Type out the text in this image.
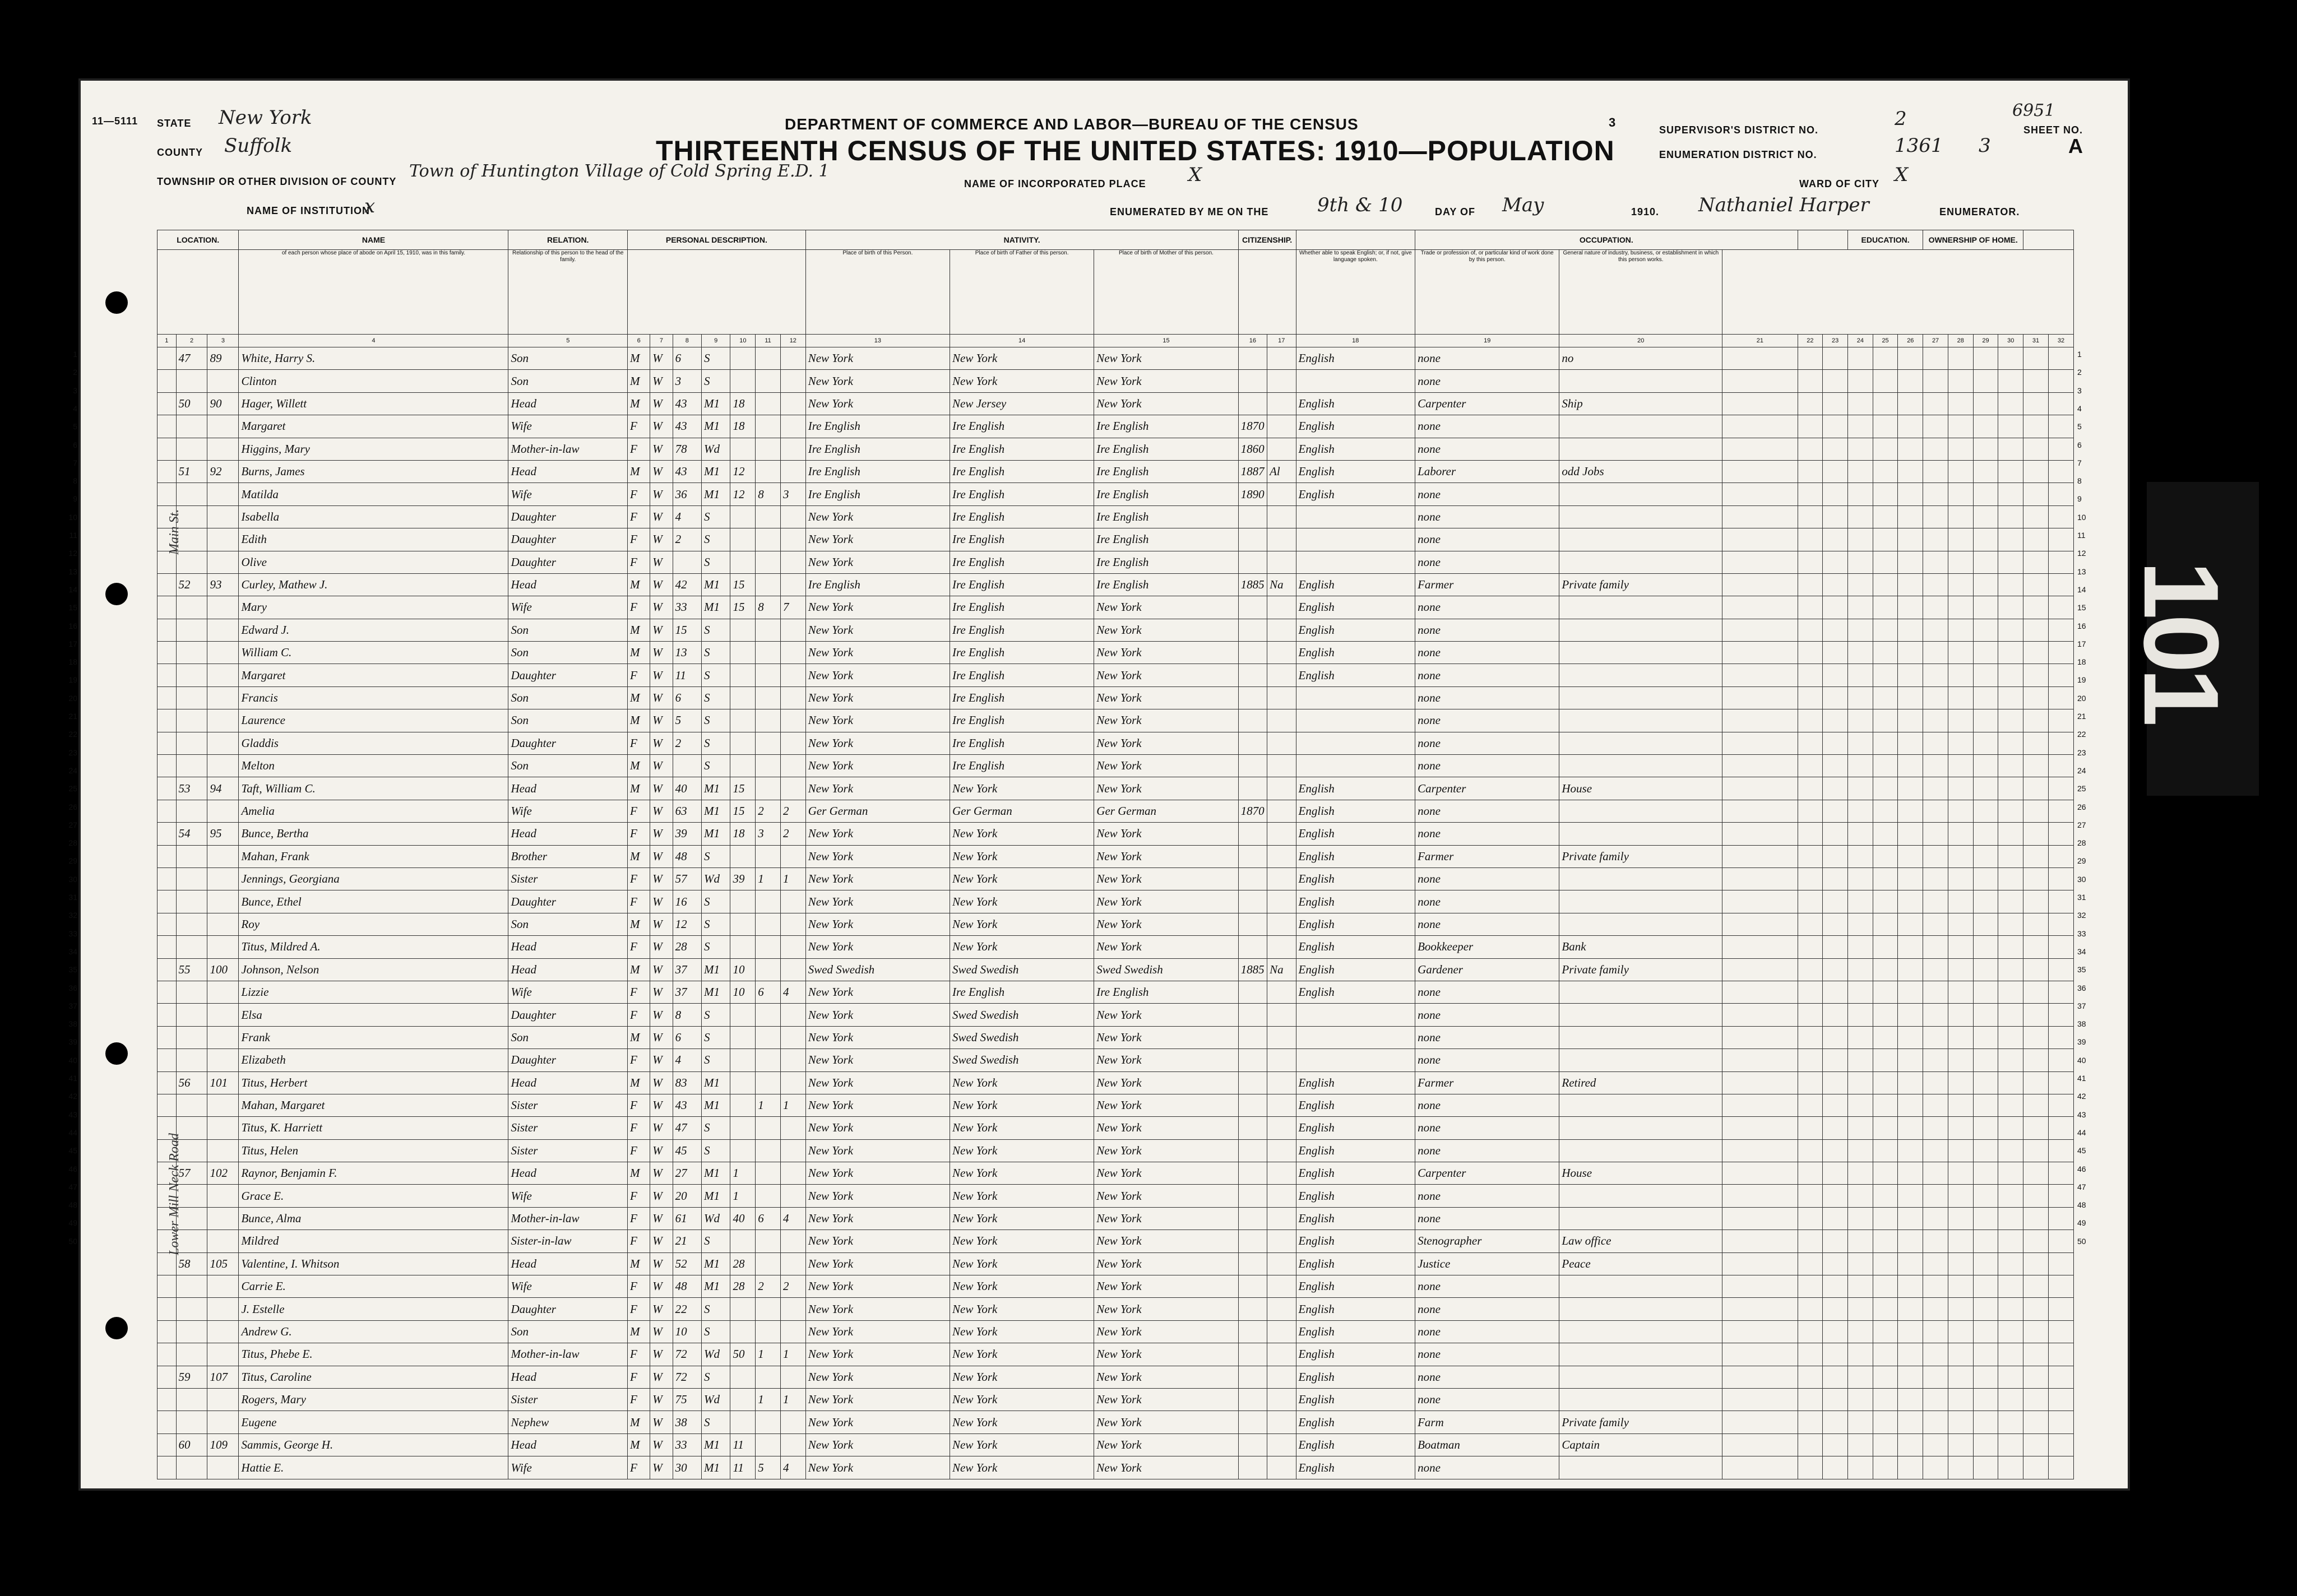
11—5111 STATE New York
COUNTY Suffolk
TOWNSHIP OR OTHER DIVISION OF COUNTY
Town of Huntington Village of Cold Spring E.D. 1
NAME OF INSTITUTION
x
DEPARTMENT OF COMMERCE AND LABOR—BUREAU OF THE CENSUS
THIRTEENTH CENSUS OF THE UNITED STATES: 1910—POPULATION
3
NAME OF INCORPORATED PLACE X
ENUMERATED BY ME ON THE	9th & 10	DAY OF May	1910. Nathaniel Harper	ENUMERATOR.
SUPERVISOR'S DISTRICT NO.	2
ENUMERATION DISTRICT NO.	1361
SHEET NO.
3	A
6951
WARD OF CITY X
101
Main St.
Lower Mill Neck Road
LOCATION.			NAME	RELATION.	PERSONAL DESCRIPTION.							NATIVITY.			CITIZENSHIP.			OCCUPATION.					EDUCATION.			OWNERSHIP OF HOME.					
			of each person whose place of abode on April 15, 1910, was in this family.	Relationship of this person to the head of the family.								Place of birth of this Person.	Place of birth of Father of this person.	Place of birth of Mother of this person.			Whether able to speak English; or, if not, give language spoken.	Trade or profession of, or particular kind of work done by this person.	General nature of industry, business, or establishment in which this person works.												
1	2	3	4	5	6	7	8	9	10	11	12	13	14	15	16	17	18	19	20	21	22	23	24	25	26	27	28	29	30	31	32
	47	89	White, Harry S.	Son	M	W	6	S				New York	New York	New York			English	none	no												
			Clinton	Son	M	W	3	S				New York	New York	New York				none													
	50	90	Hager, Willett	Head	M	W	43	M1	18			New York	New Jersey	New York			English	Carpenter	Ship												
			Margaret	Wife	F	W	43	M1	18			Ire English	Ire English	Ire English	1870		English	none													
			Higgins, Mary	Mother-in-law	F	W	78	Wd				Ire English	Ire English	Ire English	1860		English	none													
	51	92	Burns, James	Head	M	W	43	M1	12			Ire English	Ire English	Ire English	1887	Al	English	Laborer	odd Jobs												
			Matilda	Wife	F	W	36	M1	12	8	3	Ire English	Ire English	Ire English	1890		English	none													
			Isabella	Daughter	F	W	4	S				New York	Ire English	Ire English				none													
			Edith	Daughter	F	W	2	S				New York	Ire English	Ire English				none													
			Olive	Daughter	F	W		S				New York	Ire English	Ire English				none													
	52	93	Curley, Mathew J.	Head	M	W	42	M1	15			Ire English	Ire English	Ire English	1885	Na	English	Farmer	Private family												
			Mary	Wife	F	W	33	M1	15	8	7	New York	Ire English	New York			English	none													
			Edward J.	Son	M	W	15	S				New York	Ire English	New York			English	none													
			William C.	Son	M	W	13	S				New York	Ire English	New York			English	none													
			Margaret	Daughter	F	W	11	S				New York	Ire English	New York			English	none													
			Francis	Son	M	W	6	S				New York	Ire English	New York				none													
			Laurence	Son	M	W	5	S				New York	Ire English	New York				none													
			Gladdis	Daughter	F	W	2	S				New York	Ire English	New York				none													
			Melton	Son	M	W		S				New York	Ire English	New York				none													
	53	94	Taft, William C.	Head	M	W	40	M1	15			New York	New York	New York			English	Carpenter	House												
			Amelia	Wife	F	W	63	M1	15	2	2	Ger German	Ger German	Ger German	1870		English	none													
	54	95	Bunce, Bertha	Head	F	W	39	M1	18	3	2	New York	New York	New York			English	none													
			Mahan, Frank	Brother	M	W	48	S				New York	New York	New York			English	Farmer	Private family												
			Jennings, Georgiana	Sister	F	W	57	Wd	39	1	1	New York	New York	New York			English	none													
			Bunce, Ethel	Daughter	F	W	16	S				New York	New York	New York			English	none													
			Roy	Son	M	W	12	S				New York	New York	New York			English	none													
			Titus, Mildred A.	Head	F	W	28	S				New York	New York	New York			English	Bookkeeper	Bank												
	55	100	Johnson, Nelson	Head	M	W	37	M1	10			Swed Swedish	Swed Swedish	Swed Swedish	1885	Na	English	Gardener	Private family												
			Lizzie	Wife	F	W	37	M1	10	6	4	New York	Ire English	Ire English			English	none													
			Elsa	Daughter	F	W	8	S				New York	Swed Swedish	New York				none													
			Frank	Son	M	W	6	S				New York	Swed Swedish	New York				none													
			Elizabeth	Daughter	F	W	4	S				New York	Swed Swedish	New York				none													
	56	101	Titus, Herbert	Head	M	W	83	M1				New York	New York	New York			English	Farmer	Retired												
			Mahan, Margaret	Sister	F	W	43	M1		1	1	New York	New York	New York			English	none													
			Titus, K. Harriett	Sister	F	W	47	S				New York	New York	New York			English	none													
			Titus, Helen	Sister	F	W	45	S				New York	New York	New York			English	none													
	57	102	Raynor, Benjamin F.	Head	M	W	27	M1	1			New York	New York	New York			English	Carpenter	House												
			Grace E.	Wife	F	W	20	M1	1			New York	New York	New York			English	none													
			Bunce, Alma	Mother-in-law	F	W	61	Wd	40	6	4	New York	New York	New York			English	none													
			Mildred	Sister-in-law	F	W	21	S				New York	New York	New York			English	Stenographer	Law office												
	58	105	Valentine, I. Whitson	Head	M	W	52	M1	28			New York	New York	New York			English	Justice	Peace												
			Carrie E.	Wife	F	W	48	M1	28	2	2	New York	New York	New York			English	none													
			J. Estelle	Daughter	F	W	22	S				New York	New York	New York			English	none													
			Andrew G.	Son	M	W	10	S				New York	New York	New York			English	none													
			Titus, Phebe E.	Mother-in-law	F	W	72	Wd	50	1	1	New York	New York	New York			English	none													
	59	107	Titus, Caroline	Head	F	W	72	S				New York	New York	New York			English	none													
			Rogers, Mary	Sister	F	W	75	Wd		1	1	New York	New York	New York			English	none													
			Eugene	Nephew	M	W	38	S				New York	New York	New York			English	Farm	Private family												
	60	109	Sammis, George H.	Head	M	W	33	M1	11			New York	New York	New York			English	Boatman	Captain												
			Hattie E.	Wife	F	W	30	M1	11	5	4	New York	New York	New York			English	none													
1	1
2	2
3	3
4	4
5	5
6	6
7	7
8	8
9	9
10	10
11	11
12	12
13	13
14	14
15	15
16	16
17	17
18	18
19	19
20	20
21	21
22	22
23	23
24	24
25	25
26	26
27	27
28	28
29	29
30	30
31	31
32	32
33	33
34	34
35	35
36	36
37	37
38	38
39	39
40	40
41	41
42	42
43	43
44	44
45	45
46	46
47	47
48	48
49	49
50	50
